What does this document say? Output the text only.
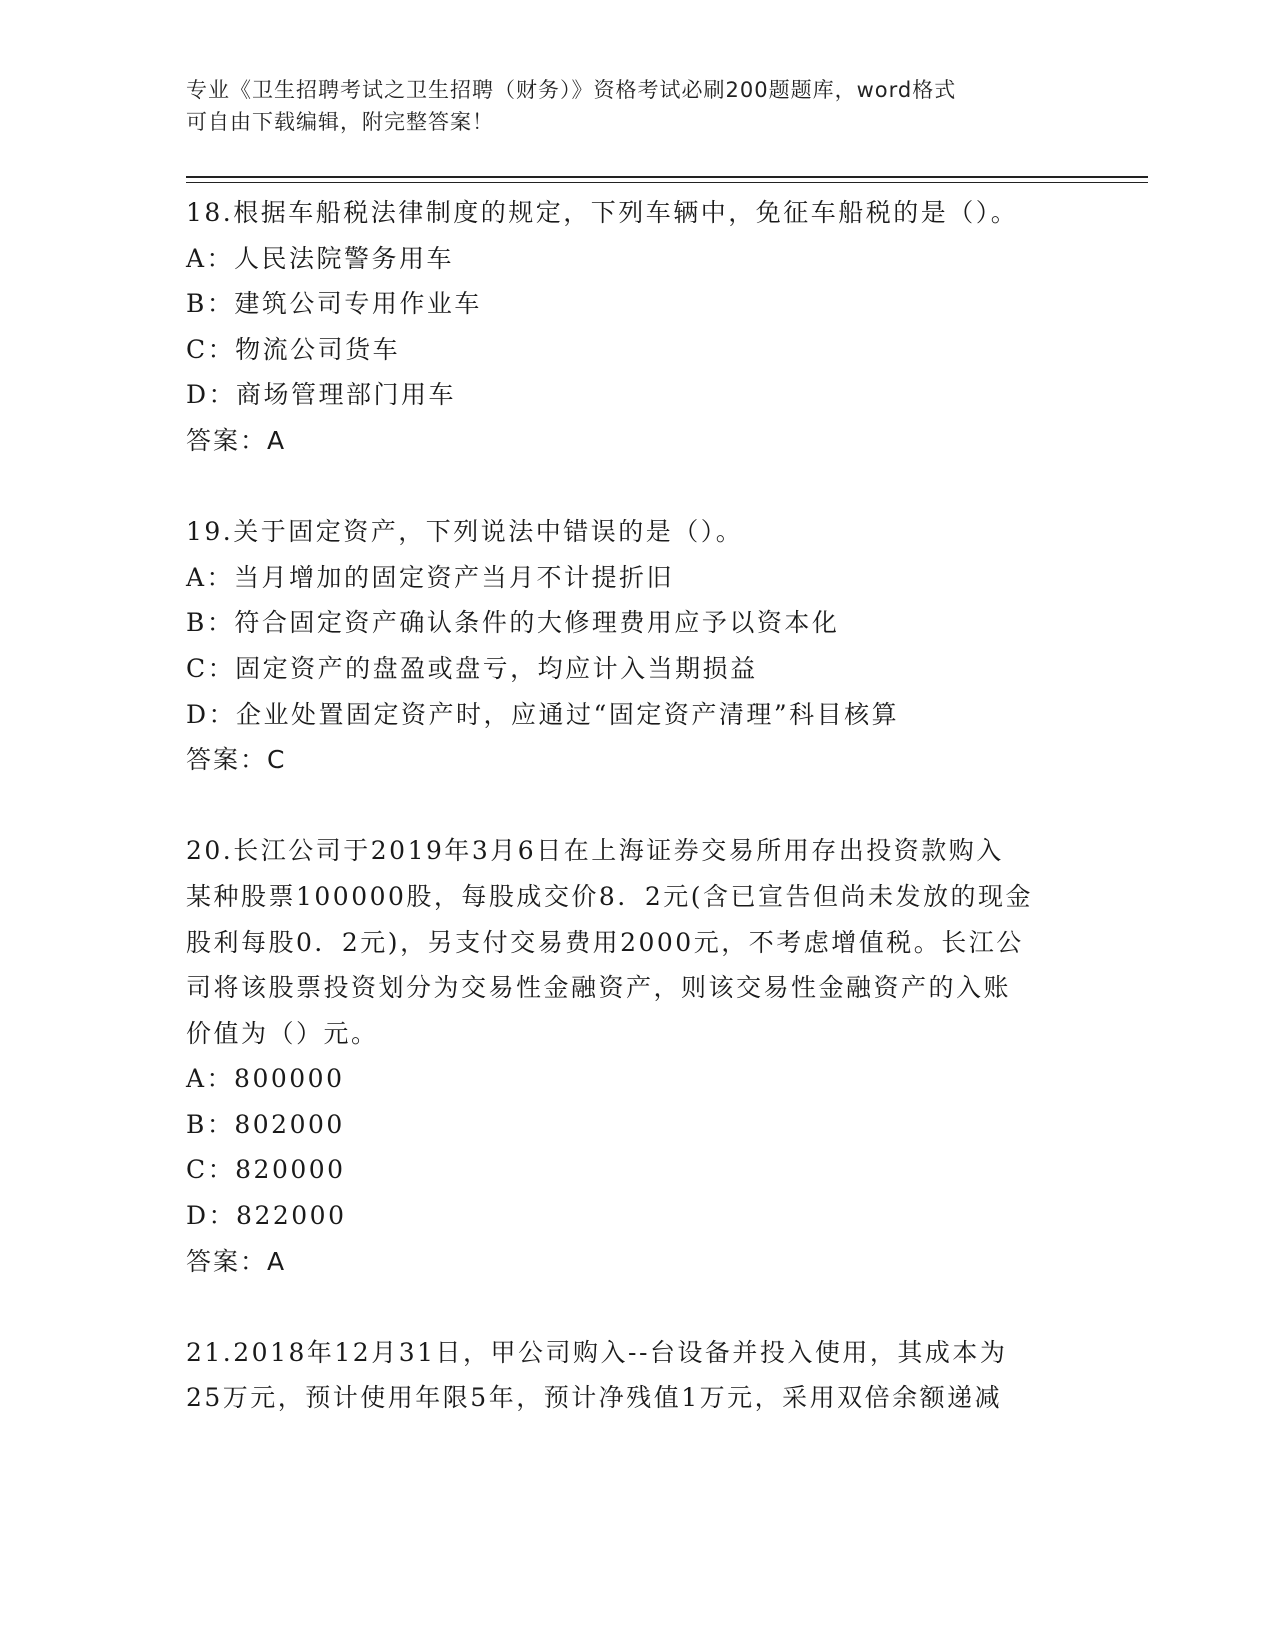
专业《卫生招聘考试之卫生招聘（财务）》资格考试必刷200题题库，word格式
可自由下载编辑，附完整答案！
18.根据车船税法律制度的规定，下列车辆中，免征车船税的是（）。
A：人民法院警务用车
B：建筑公司专用作业车
C：物流公司货车
D：商场管理部门用车
答案：A
19.关于固定资产，下列说法中错误的是（）。
A：当月增加的固定资产当月不计提折旧
B：符合固定资产确认条件的大修理费用应予以资本化
C：固定资产的盘盈或盘亏，均应计入当期损益
D：企业处置固定资产时，应通过“固定资产清理”科目核算
答案：C
20.长江公司于2019年3月6日在上海证券交易所用存出投资款购入
某种股票100000股，每股成交价8．2元(含已宣告但尚未发放的现金
股利每股0．2元)，另支付交易费用2000元，不考虑增值税。长江公
司将该股票投资划分为交易性金融资产，则该交易性金融资产的入账
价值为（）元。
A：800000
B：802000
C：820000
D：822000
答案：A
21.2018年12月31日，甲公司购入--台设备并投入使用，其成本为
25万元，预计使用年限5年，预计净残值1万元，采用双倍余额递减
